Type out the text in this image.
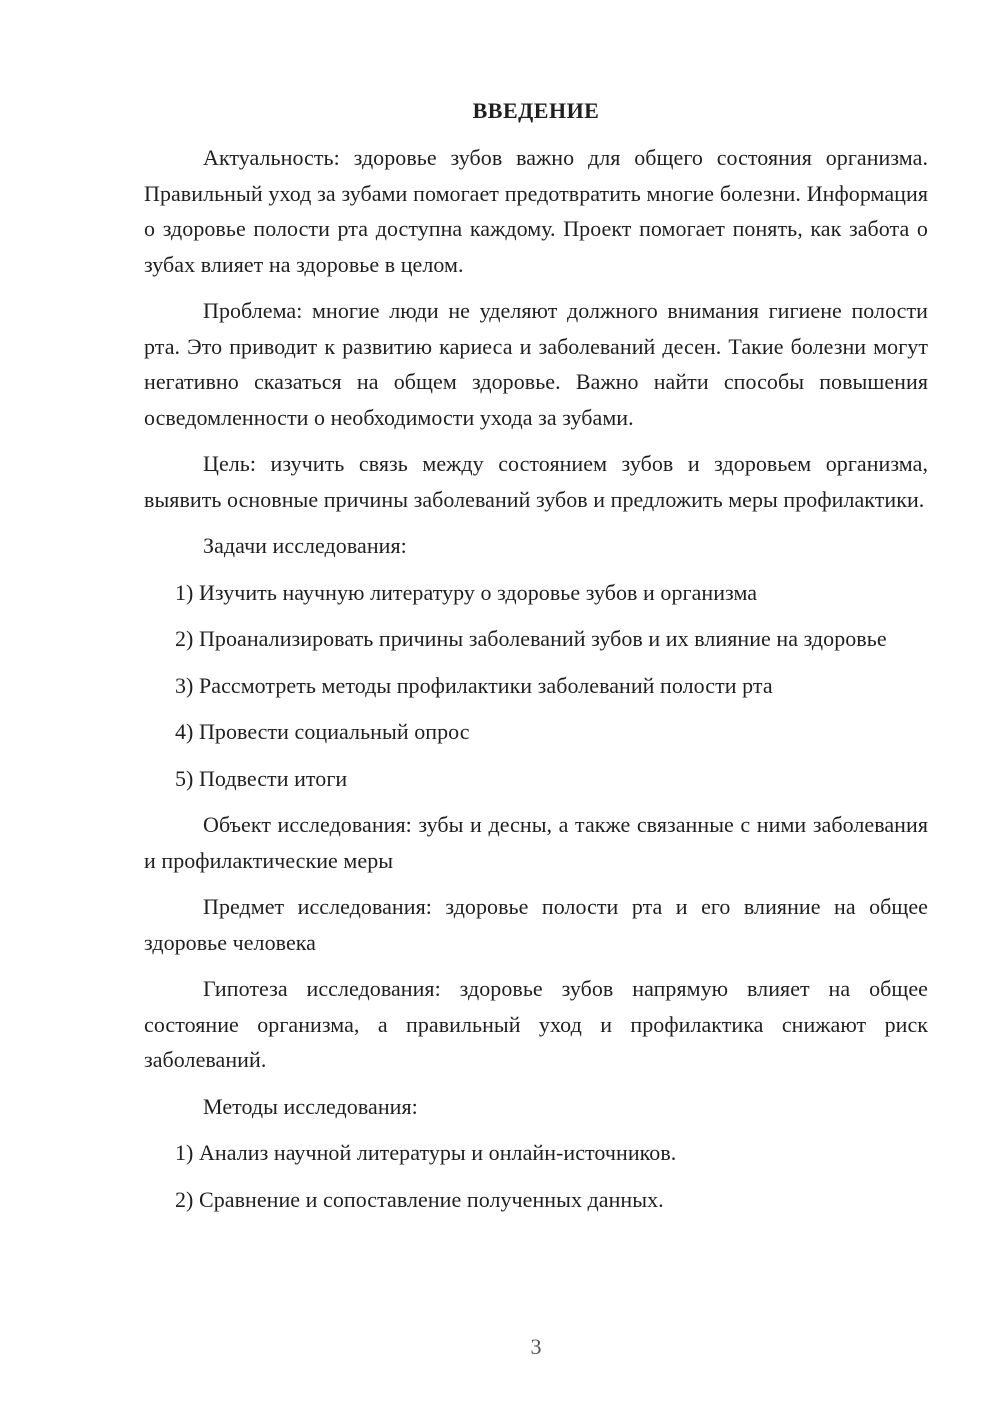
ВВЕДЕНИЕ

Актуальность: здоровье зубов важно для общего состояния организма. Правильный уход за зубами помогает предотвратить многие болезни. Информация о здоровье полости рта доступна каждому. Проект помогает понять, как забота о зубах влияет на здоровье в целом.

Проблема: многие люди не уделяют должного внимания гигиене полости рта. Это приводит к развитию кариеса и заболеваний десен. Такие болезни могут негативно сказаться на общем здоровье. Важно найти способы повышения осведомленности о необходимости ухода за зубами.

Цель: изучить связь между состоянием зубов и здоровьем организма, выявить основные причины заболеваний зубов и предложить меры профилактики.

Задачи исследования:

1) Изучить научную литературу о здоровье зубов и организма

2) Проанализировать причины заболеваний зубов и их влияние на здоровье

3) Рассмотреть методы профилактики заболеваний полости рта

4) Провести социальный опрос

5) Подвести итоги

Объект исследования: зубы и десны, а также связанные с ними заболевания и профилактические меры

Предмет исследования: здоровье полости рта и его влияние на общее здоровье человека

Гипотеза исследования: здоровье зубов напрямую влияет на общее состояние организма, а правильный уход и профилактика снижают риск заболеваний.

Методы исследования:

1) Анализ научной литературы и онлайн-источников.

2) Сравнение и сопоставление полученных данных.

3
